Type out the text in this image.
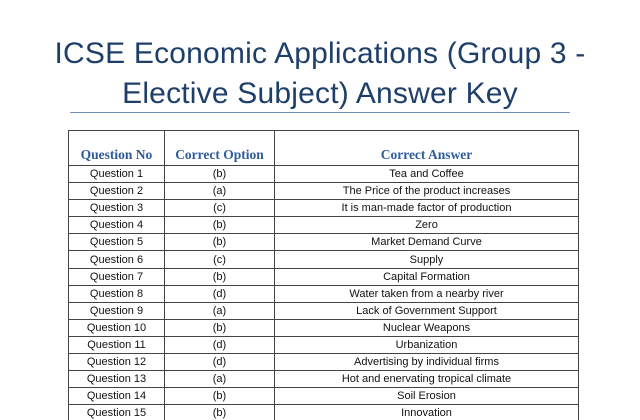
ICSE Economic Applications (Group 3 -
Elective Subject) Answer Key
Question No	Correct Option	Correct Answer
Question 1	(b)	Tea and Coffee
Question 2	(a)	The Price of the product increases
Question 3	(c)	It is man-made factor of production
Question 4	(b)	Zero
Question 5	(b)	Market Demand Curve
Question 6	(c)	Supply
Question 7	(b)	Capital Formation
Question 8	(d)	Water taken from a nearby river
Question 9	(a)	Lack of Government Support
Question 10	(b)	Nuclear Weapons
Question 11	(d)	Urbanization
Question 12	(d)	Advertising by individual firms
Question 13	(a)	Hot and enervating tropical climate
Question 14	(b)	Soil Erosion
Question 15	(b)	Innovation
